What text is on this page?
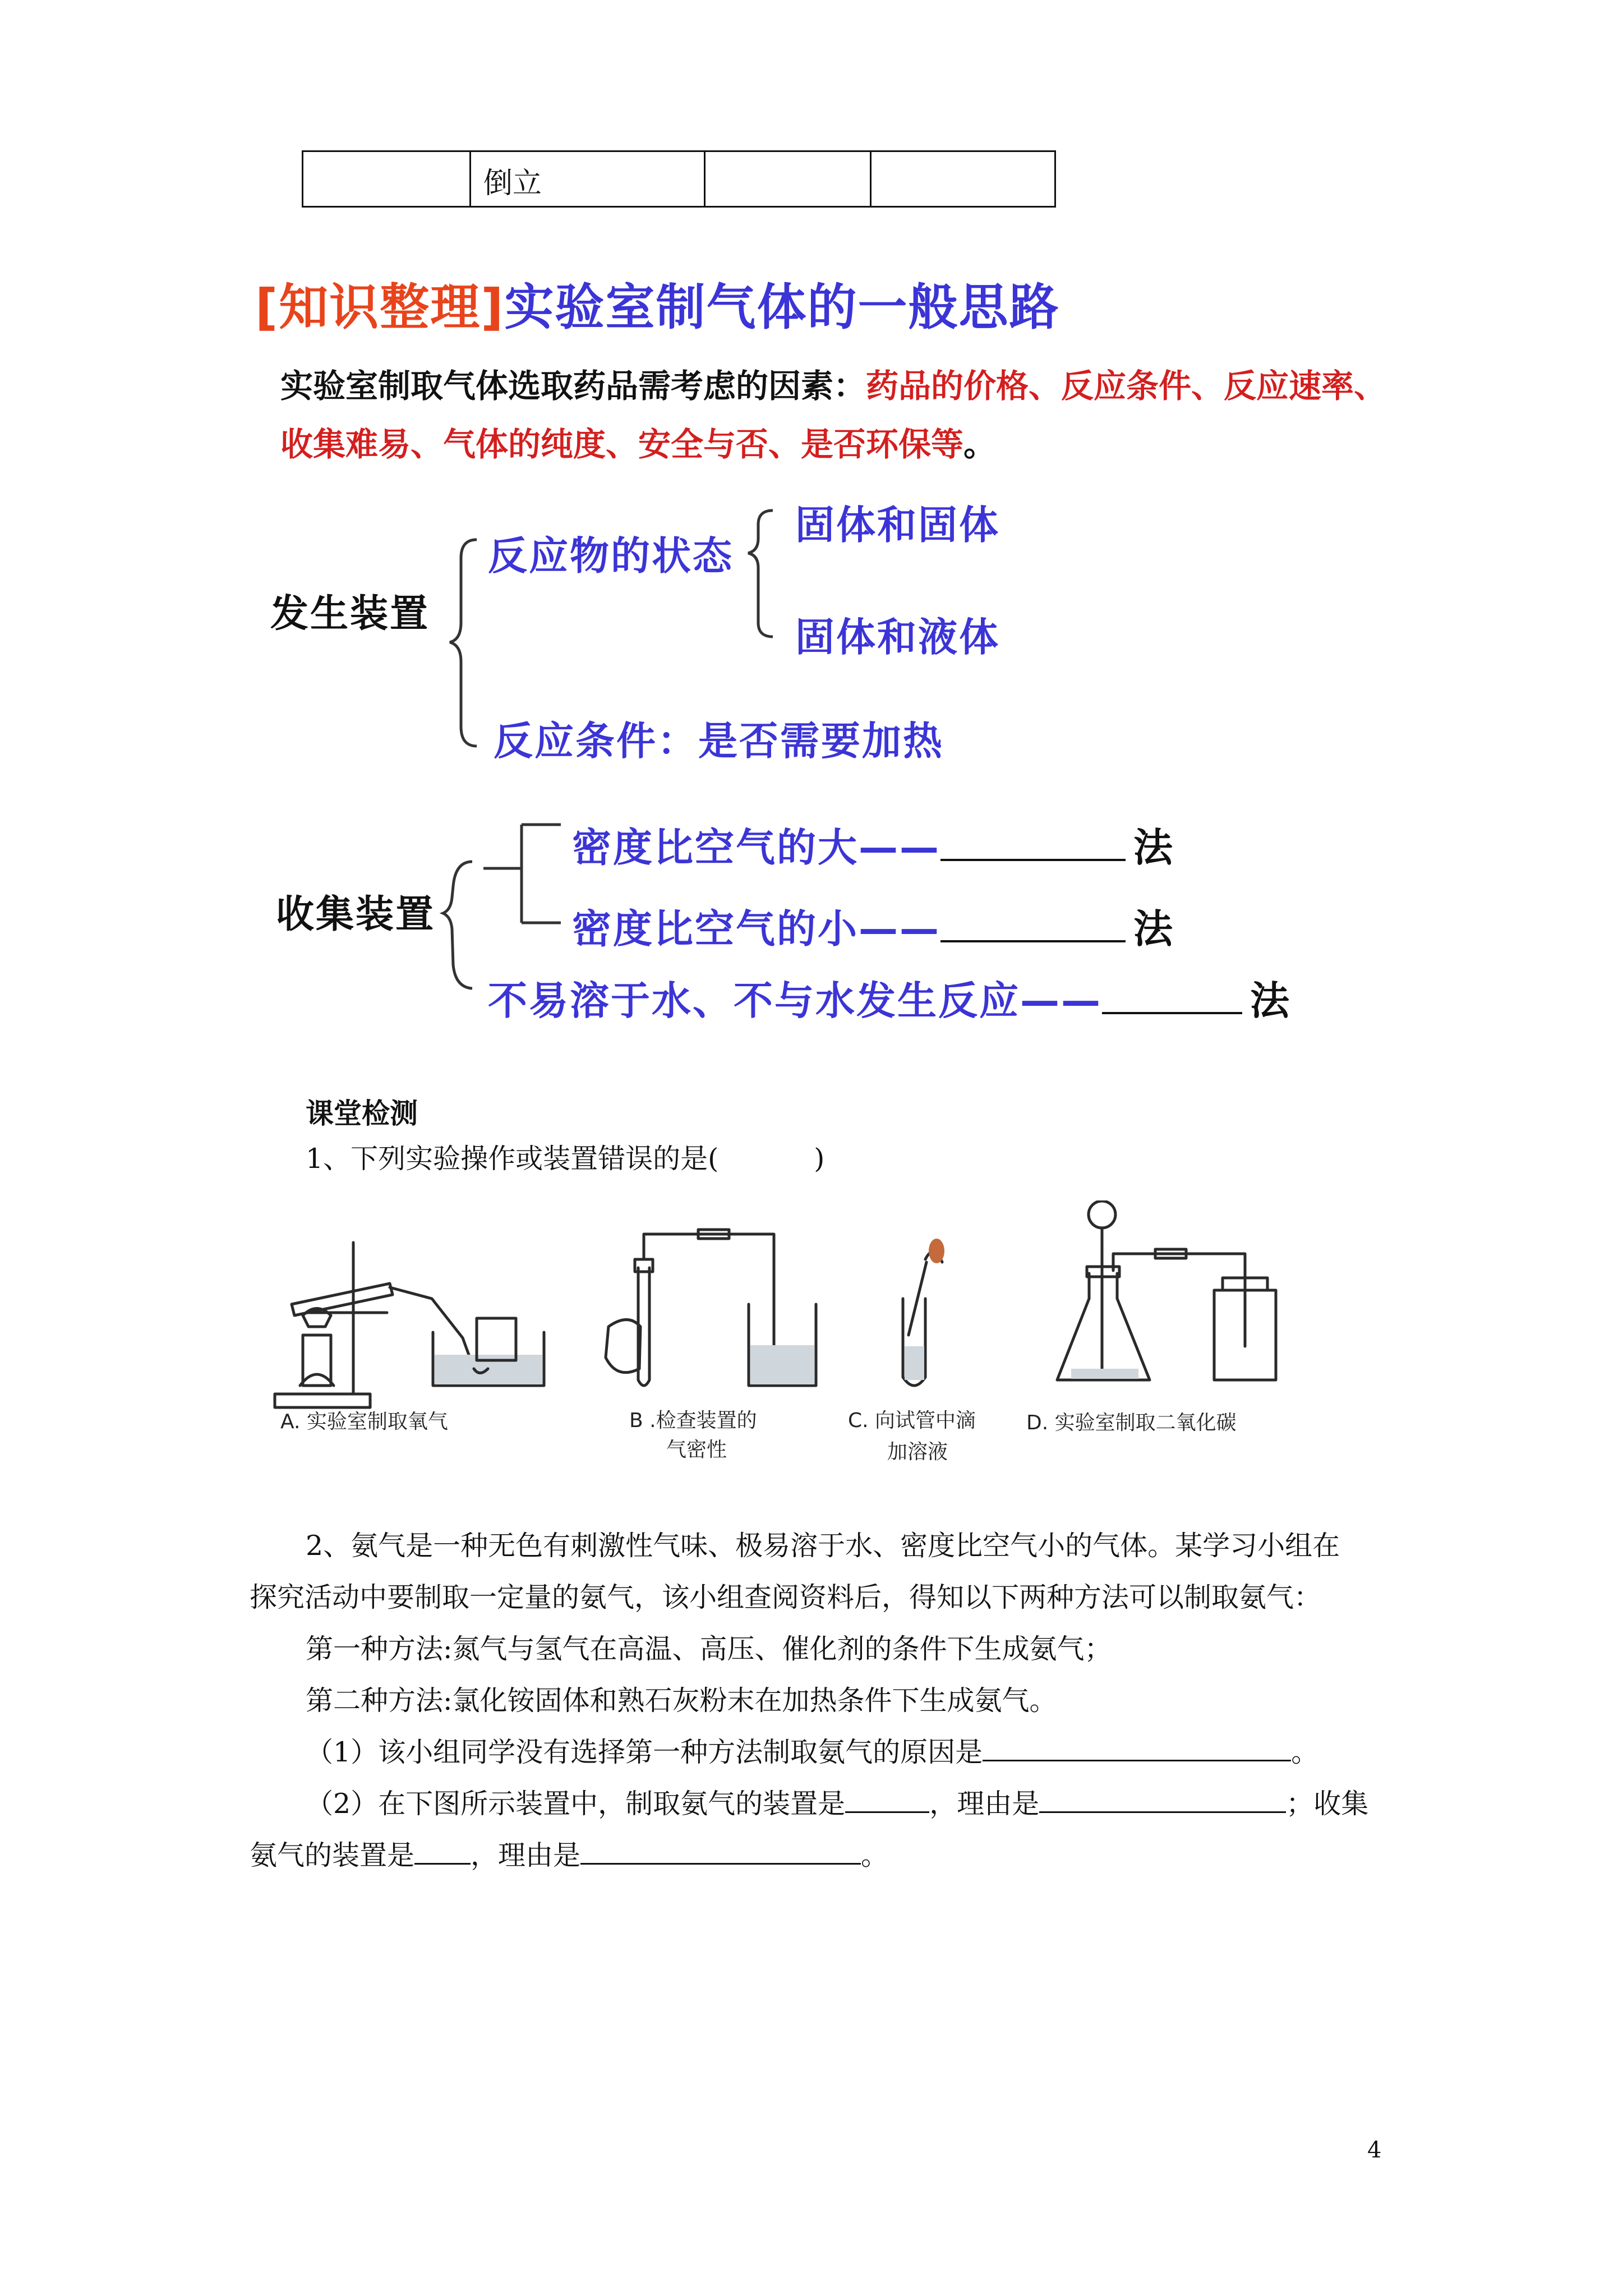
	倒立		
[知识整理]实验室制气体的一般思路
实验室制取气体选取药品需考虑的因素：药品的价格、反应条件、反应速率、收集难易、气体的纯度、安全与否、是否环保等。
发生装置
反应物的状态
固体和固体
固体和液体
反应条件：是否需要加热
收集装置
密度比空气的大——	法
密度比空气的小——	法
不易溶于水、不与水发生反应——	法
课堂检测
1、下列实验操作或装置错误的是(	)
A. 实验室制取氧气	B .检查装置的
气密性
C. 向试管中滴
加溶液
D. 实验室制取二氧化碳
2、氨气是一种无色有刺激性气味、极易溶于水、密度比空气小的气体。某学习小组在
探究活动中要制取一定量的氨气，该小组查阅资料后，得知以下两种方法可以制取氨气：
第一种方法:氮气与氢气在高温、高压、催化剂的条件下生成氨气；
第二种方法:氯化铵固体和熟石灰粉末在加热条件下生成氨气。
（1）该小组同学没有选择第一种方法制取氨气的原因是	。
（2）在下图所示装置中，制取氨气的装置是	，理由是	；收集
氨气的装置是 ，理由是	。
4
